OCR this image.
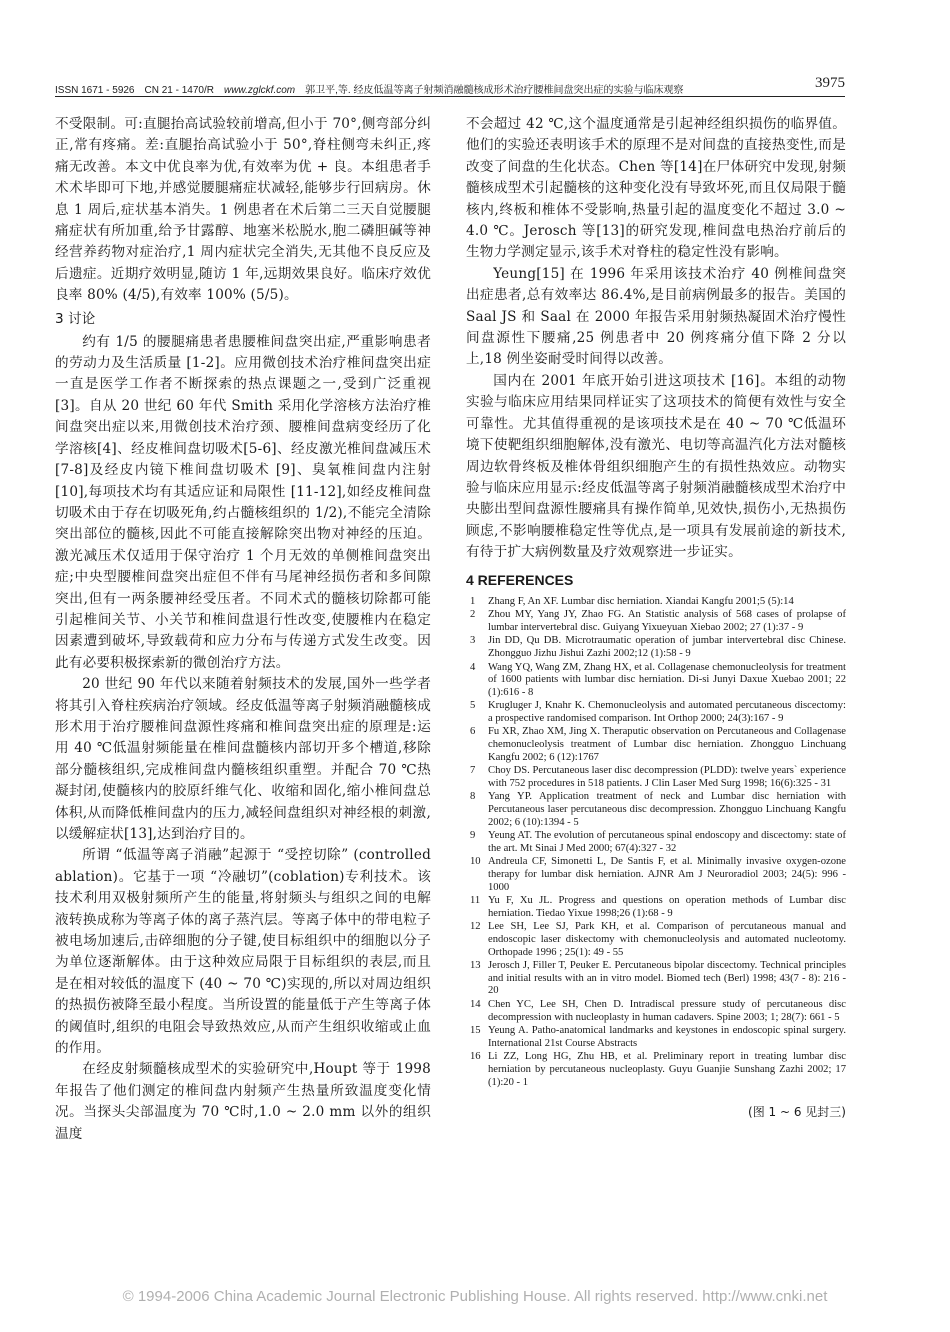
ISSN 1671 - 5926 CN 21 - 1470/R www.zglckf.com 郭卫平,等. 经皮低温等离子射频消融髓核成形术治疗腰椎间盘突出症的实验与临床观察	3975

不受限制。可:直腿抬高试验较前增高,但小于 70°,侧弯部分纠正,常有疼痛。差:直腿抬高试验小于 50°,脊柱侧弯未纠正,疼痛无改善。本文中优良率为优,有效率为优 + 良。本组患者手术术毕即可下地,并感觉腰腿痛症状减轻,能够步行回病房。休息 1 周后,症状基本消失。1 例患者在术后第二三天自觉腰腿痛症状有所加重,给予甘露醇、地塞米松脱水,胞二磷胆碱等神经营养药物对症治疗,1 周内症状完全消失,无其他不良反应及后遗症。近期疗效明显,随访 1 年,远期效果良好。临床疗效优良率 80% (4/5),有效率 100% (5/5)。

3 讨论

约有 1/5 的腰腿痛患者患腰椎间盘突出症,严重影响患者的劳动力及生活质量 [1-2]。应用微创技术治疗椎间盘突出症一直是医学工作者不断探索的热点课题之一,受到广泛重视[3]。自从 20 世纪 60 年代 Smith 采用化学溶核方法治疗椎间盘突出症以来,用微创技术治疗颈、腰椎间盘病变经历了化学溶核[4]、经皮椎间盘切吸术[5-6]、经皮激光椎间盘减压术[7-8]及经皮内镜下椎间盘切吸术 [9]、臭氧椎间盘内注射 [10],每项技术均有其适应证和局限性 [11-12],如经皮椎间盘切吸术由于存在切吸死角,约占髓核组织的 1/2),不能完全清除突出部位的髓核,因此不可能直接解除突出物对神经的压迫。激光减压术仅适用于保守治疗 1 个月无效的单侧椎间盘突出症;中央型腰椎间盘突出症但不伴有马尾神经损伤者和多间隙突出,但有一两条腰神经受压者。不同术式的髓核切除都可能引起椎间关节、小关节和椎间盘退行性改变,使腰椎内在稳定因素遭到破坏,导致载荷和应力分布与传递方式发生改变。因此有必要积极探索新的微创治疗方法。

20 世纪 90 年代以来随着射频技术的发展,国外一些学者将其引入脊柱疾病治疗领域。经皮低温等离子射频消融髓核成形术用于治疗腰椎间盘源性疼痛和椎间盘突出症的原理是:运用 40 ℃低温射频能量在椎间盘髓核内部切开多个槽道,移除部分髓核组织,完成椎间盘内髓核组织重塑。并配合 70 ℃热凝封闭,使髓核内的胶原纤维气化、收缩和固化,缩小椎间盘总体积,从而降低椎间盘内的压力,减轻间盘组织对神经根的刺激,以缓解症状[13],达到治疗目的。

所谓 “低温等离子消融”起源于 “受控切除” (controlled ablation)。它基于一项 “冷融切”(coblation)专利技术。该技术利用双极射频所产生的能量,将射频头与组织之间的电解液转换成称为等离子体的离子蒸汽层。等离子体中的带电粒子被电场加速后,击碎细胞的分子键,使目标组织中的细胞以分子为单位逐渐解体。由于这种效应局限于目标组织的表层,而且是在相对较低的温度下 (40 ~ 70 ℃)实现的,所以对周边组织的热损伤被降至最小程度。当所设置的能量低于产生等离子体的阈值时,组织的电阻会导致热效应,从而产生组织收缩或止血的作用。

在经皮射频髓核成型术的实验研究中,Houpt 等于 1998 年报告了他们测定的椎间盘内射频产生热量所致温度变化情况。当探头尖部温度为 70 ℃时,1.0 ~ 2.0 mm 以外的组织温度

不会超过 42 ℃,这个温度通常是引起神经组织损伤的临界值。他们的实验还表明该手术的原理不是对间盘的直接热变性,而是改变了间盘的生化状态。Chen 等[14]在尸体研究中发现,射频髓核成型术引起髓核的这种变化没有导致坏死,而且仅局限于髓核内,终板和椎体不受影响,热量引起的温度变化不超过 3.0 ~ 4.0 ℃。Jerosch 等[13]的研究发现,椎间盘电热治疗前后的生物力学测定显示,该手术对脊柱的稳定性没有影响。

Yeung[15] 在 1996 年采用该技术治疗 40 例椎间盘突出症患者,总有效率达 86.4%,是目前病例最多的报告。美国的 Saal JS 和 Saal 在 2000 年报告采用射频热凝固术治疗慢性间盘源性下腰痛,25 例患者中 20 例疼痛分值下降 2 分以上,18 例坐姿耐受时间得以改善。

国内在 2001 年底开始引进这项技术 [16]。本组的动物实验与临床应用结果同样证实了这项技术的简便有效性与安全可靠性。尤其值得重视的是该项技术是在 40 ~ 70 ℃低温环境下使靶组织细胞解体,没有激光、电切等高温汽化方法对髓核周边软骨终板及椎体骨组织细胞产生的有损性热效应。动物实验与临床应用显示:经皮低温等离子射频消融髓核成型术治疗中央膨出型间盘源性腰痛具有操作简单,见效快,损伤小,无热损伤顾虑,不影响腰椎稳定性等优点,是一项具有发展前途的新技术,有待于扩大病例数量及疗效观察进一步证实。

4 REFERENCES
1 Zhang F, An XF. Lumbar disc herniation. Xiandai Kangfu 2001;5 (5):14
2 Zhou MY, Yang JY, Zhao FG. An Statistic analysis of 568 cases of prolapse of lumbar intervertebral disc. Guiyang Yixueyuan Xiebao 2002; 27 (1):37 - 9
3 Jin DD, Qu DB. Microtraumatic operation of jumbar intervertebral disc Chinese. Zhongguo Jizhu Jishui Zazhi 2002;12 (1):58 - 9
4 Wang YQ, Wang ZM, Zhang HX, et al. Collagenase chemonucleolysis for treatment of 1600 patients with lumbar disc herniation. Di-si Junyi Daxue Xuebao 2001; 22 (1):616 - 8
5 Krugluger J, Knahr K. Chemonucleolysis and automated percutaneous discectomy: a prospective randomised comparison. Int Orthop 2000; 24(3):167 - 9
6 Fu XR, Zhao XM, Jing X. Theraputic observation on Percutaneous and Collagenase chemonucleolysis treatment of Lumbar disc herniation. Zhongguo Linchuang Kangfu 2002; 6 (12):1767
7 Choy DS. Percutaneous laser disc decompression (PLDD): twelve years` experience with 752 procedures in 518 patients. J Clin Laser Med Surg 1998; 16(6):325 - 31
8 Yang YP. Application treatment of neck and Lumbar disc herniation with Percutaneous laser percutaneous disc decompression. Zhongguo Linchuang Kangfu 2002; 6 (10):1394 - 5
9 Yeung AT. The evolution of percutaneous spinal endoscopy and discectomy: state of the art. Mt Sinai J Med 2000; 67(4):327 - 32
10 Andreula CF, Simonetti L, De Santis F, et al. Minimally invasive oxygen-ozone therapy for lumbar disk herniation. AJNR Am J Neuroradiol 2003; 24(5): 996 - 1000
11 Yu F, Xu JL. Progress and questions on operation methods of Lumbar disc herniation. Tiedao Yixue 1998;26 (1):68 - 9
12 Lee SH, Lee SJ, Park KH, et al. Comparison of percutaneous manual and endoscopic laser diskectomy with chemonucleolysis and automated nucleotomy. Orthopade 1996 ; 25(1): 49 - 55
13 Jerosch J, Filler T, Peuker E. Percutaneous bipolar discectomy. Technical principles and initial results with an in vitro model. Biomed tech (Berl) 1998; 43(7 - 8): 216 - 20
14 Chen YC, Lee SH, Chen D. Intradiscal pressure study of percutaneous disc decompression with nucleoplasty in human cadavers. Spine 2003; 1; 28(7): 661 - 5
15 Yeung A. Patho-anatomical landmarks and keystones in endoscopic spinal surgery. International 21st Course Abstracts
16 Li ZZ, Long HG, Zhu HB, et al. Preliminary report in treating lumbar disc herniation by percutaneous nucleoplasty. Guyu Guanjie Sunshang Zazhi 2002; 17 (1):20 - 1
(图 1 ~ 6 见封三)
© 1994-2006 China Academic Journal Electronic Publishing House. All rights reserved. http://www.cnki.net
